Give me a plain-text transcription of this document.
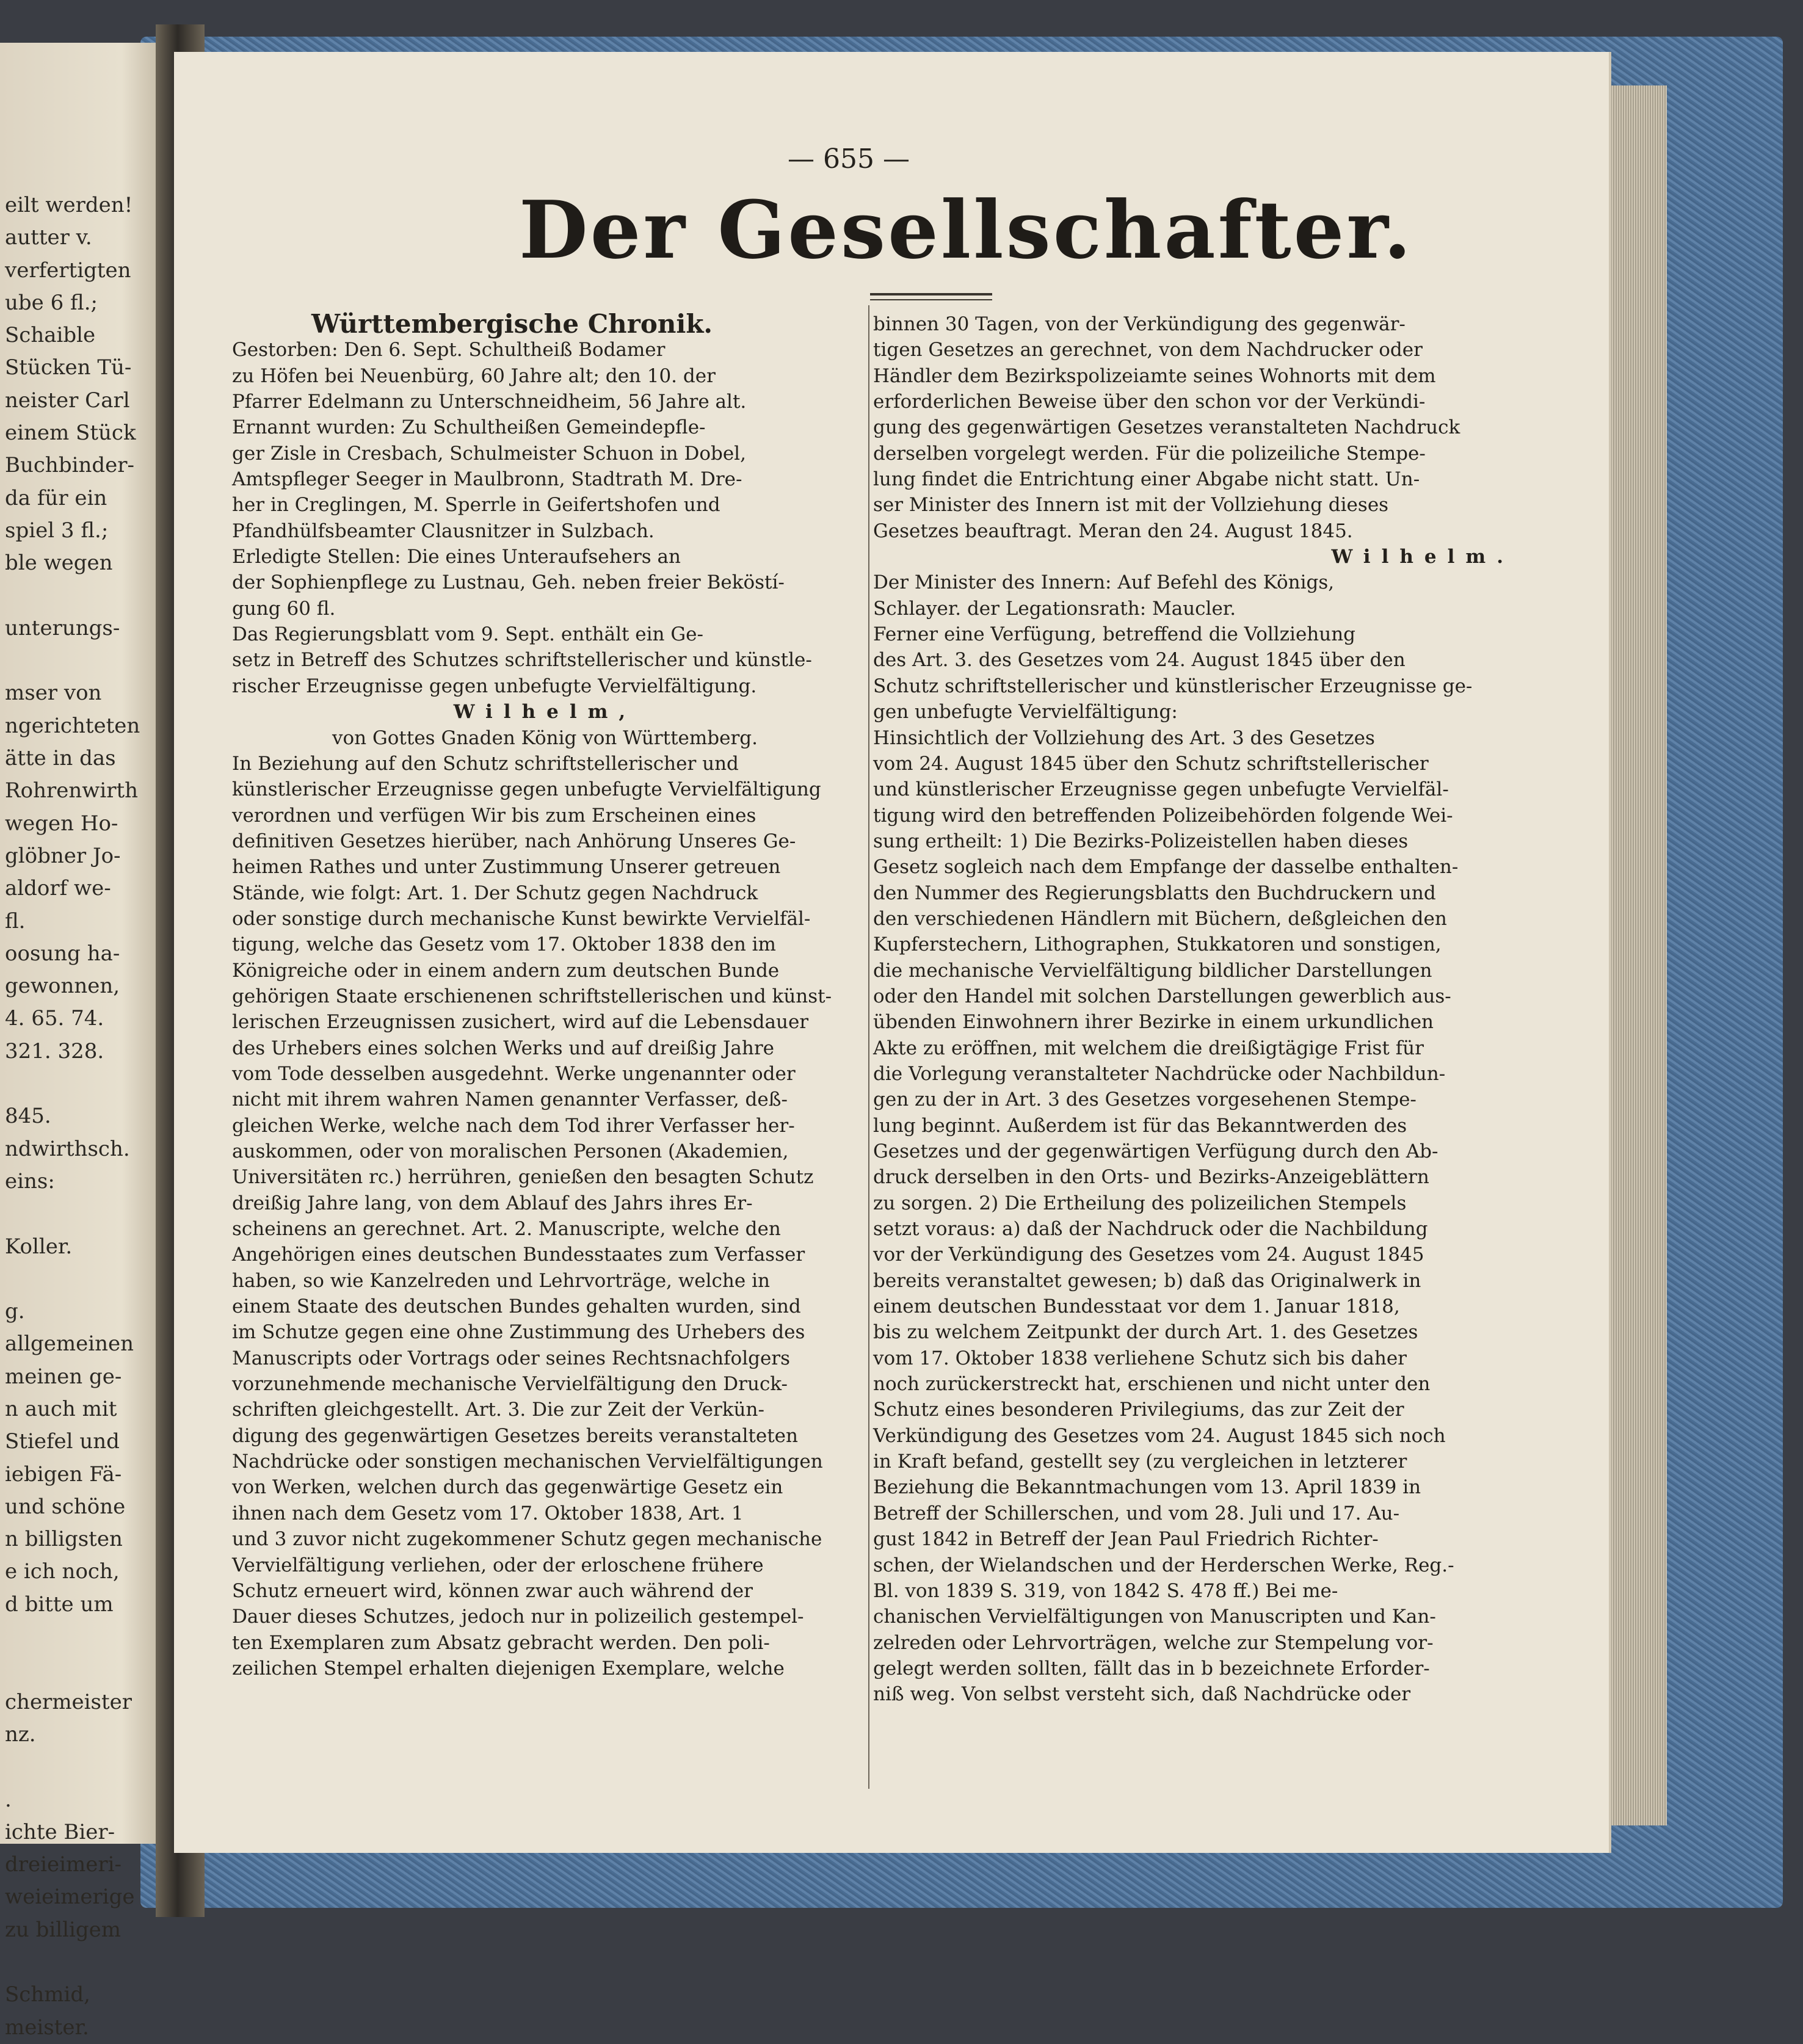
eilt werden!
autter v.
verfertigten
ube 6 fl.;
Schaible
Stücken Tü-
neister Carl
einem Stück
Buchbinder-
da für ein
spiel 3 fl.;
ble wegen
unterungs-
mser von
ngerichteten
ätte in das
Rohrenwirth
wegen Ho-
glöbner Jo-
aldorf we-
fl.
oosung ha-
gewonnen,
4. 65. 74.
321. 328.
845.
ndwirthsch.
eins:
Koller.
g.
allgemeinen
meinen ge-
n auch mit
Stiefel und
iebigen Fä-
und schöne
n billigsten
e ich noch,
d bitte um
chermeister
nz.
.
ichte Bier-
dreieimeri-
weieimerige
zu billigem
Schmid,
meister.
— 655 —
Der Gesellschafter.
Württembergische Chronik.
Gestorben: Den 6. Sept. Schultheiß Bodamer
zu Höfen bei Neuenbürg, 60 Jahre alt; den 10. der
Pfarrer Edelmann zu Unterschneidheim, 56 Jahre alt.
Ernannt wurden: Zu Schultheißen Gemeindepfle-
ger Zisle in Cresbach, Schulmeister Schuon in Dobel,
Amtspfleger Seeger in Maulbronn, Stadtrath M. Dre-
her in Creglingen, M. Sperrle in Geifertshofen und
Pfandhülfsbeamter Clausnitzer in Sulzbach.
Erledigte Stellen: Die eines Unteraufsehers an
der Sophienpflege zu Lustnau, Geh. neben freier Beköstí-
gung 60 fl.
Das Regierungsblatt vom 9. Sept. enthält ein Ge-
setz in Betreff des Schutzes schriftstellerischer und künstle-
rischer Erzeugnisse gegen unbefugte Vervielfältigung.
Wilhelm,
von Gottes Gnaden König von Württemberg.
In Beziehung auf den Schutz schriftstellerischer und
künstlerischer Erzeugnisse gegen unbefugte Vervielfältigung
verordnen und verfügen Wir bis zum Erscheinen eines
definitiven Gesetzes hierüber, nach Anhörung Unseres Ge-
heimen Rathes und unter Zustimmung Unserer getreuen
Stände, wie folgt: Art. 1. Der Schutz gegen Nachdruck
oder sonstige durch mechanische Kunst bewirkte Vervielfäl-
tigung, welche das Gesetz vom 17. Oktober 1838 den im
Königreiche oder in einem andern zum deutschen Bunde
gehörigen Staate erschienenen schriftstellerischen und künst-
lerischen Erzeugnissen zusichert, wird auf die Lebensdauer
des Urhebers eines solchen Werks und auf dreißig Jahre
vom Tode desselben ausgedehnt. Werke ungenannter oder
nicht mit ihrem wahren Namen genannter Verfasser, deß-
gleichen Werke, welche nach dem Tod ihrer Verfasser her-
auskommen, oder von moralischen Personen (Akademien,
Universitäten rc.) herrühren, genießen den besagten Schutz
dreißig Jahre lang, von dem Ablauf des Jahrs ihres Er-
scheinens an gerechnet. Art. 2. Manuscripte, welche den
Angehörigen eines deutschen Bundesstaates zum Verfasser
haben, so wie Kanzelreden und Lehrvorträge, welche in
einem Staate des deutschen Bundes gehalten wurden, sind
im Schutze gegen eine ohne Zustimmung des Urhebers des
Manuscripts oder Vortrags oder seines Rechtsnachfolgers
vorzunehmende mechanische Vervielfältigung den Druck-
schriften gleichgestellt. Art. 3. Die zur Zeit der Verkün-
digung des gegenwärtigen Gesetzes bereits veranstalteten
Nachdrücke oder sonstigen mechanischen Vervielfältigungen
von Werken, welchen durch das gegenwärtige Gesetz ein
ihnen nach dem Gesetz vom 17. Oktober 1838, Art. 1
und 3 zuvor nicht zugekommener Schutz gegen mechanische
Vervielfältigung verliehen, oder der erloschene frühere
Schutz erneuert wird, können zwar auch während der
Dauer dieses Schutzes, jedoch nur in polizeilich gestempel-
ten Exemplaren zum Absatz gebracht werden. Den poli-
zeilichen Stempel erhalten diejenigen Exemplare, welche
binnen 30 Tagen, von der Verkündigung des gegenwär-
tigen Gesetzes an gerechnet, von dem Nachdrucker oder
Händler dem Bezirkspolizeiamte seines Wohnorts mit dem
erforderlichen Beweise über den schon vor der Verkündi-
gung des gegenwärtigen Gesetzes veranstalteten Nachdruck
derselben vorgelegt werden. Für die polizeiliche Stempe-
lung findet die Entrichtung einer Abgabe nicht statt. Un-
ser Minister des Innern ist mit der Vollziehung dieses
Gesetzes beauftragt. Meran den 24. August 1845.
Wilhelm.
Der Minister des Innern: Auf Befehl des Königs,
Schlayer. der Legationsrath: Maucler.
Ferner eine Verfügung, betreffend die Vollziehung
des Art. 3. des Gesetzes vom 24. August 1845 über den
Schutz schriftstellerischer und künstlerischer Erzeugnisse ge-
gen unbefugte Vervielfältigung:
Hinsichtlich der Vollziehung des Art. 3 des Gesetzes
vom 24. August 1845 über den Schutz schriftstellerischer
und künstlerischer Erzeugnisse gegen unbefugte Vervielfäl-
tigung wird den betreffenden Polizeibehörden folgende Wei-
sung ertheilt: 1) Die Bezirks-Polizeistellen haben dieses
Gesetz sogleich nach dem Empfange der dasselbe enthalten-
den Nummer des Regierungsblatts den Buchdruckern und
den verschiedenen Händlern mit Büchern, deßgleichen den
Kupferstechern, Lithographen, Stukkatoren und sonstigen,
die mechanische Vervielfältigung bildlicher Darstellungen
oder den Handel mit solchen Darstellungen gewerblich aus-
übenden Einwohnern ihrer Bezirke in einem urkundlichen
Akte zu eröffnen, mit welchem die dreißigtägige Frist für
die Vorlegung veranstalteter Nachdrücke oder Nachbildun-
gen zu der in Art. 3 des Gesetzes vorgesehenen Stempe-
lung beginnt. Außerdem ist für das Bekanntwerden des
Gesetzes und der gegenwärtigen Verfügung durch den Ab-
druck derselben in den Orts- und Bezirks-Anzeigeblättern
zu sorgen. 2) Die Ertheilung des polizeilichen Stempels
setzt voraus: a) daß der Nachdruck oder die Nachbildung
vor der Verkündigung des Gesetzes vom 24. August 1845
bereits veranstaltet gewesen; b) daß das Originalwerk in
einem deutschen Bundesstaat vor dem 1. Januar 1818,
bis zu welchem Zeitpunkt der durch Art. 1. des Gesetzes
vom 17. Oktober 1838 verliehene Schutz sich bis daher
noch zurückerstreckt hat, erschienen und nicht unter den
Schutz eines besonderen Privilegiums, das zur Zeit der
Verkündigung des Gesetzes vom 24. August 1845 sich noch
in Kraft befand, gestellt sey (zu vergleichen in letzterer
Beziehung die Bekanntmachungen vom 13. April 1839 in
Betreff der Schillerschen, und vom 28. Juli und 17. Au-
gust 1842 in Betreff der Jean Paul Friedrich Richter-
schen, der Wielandschen und der Herderschen Werke, Reg.-
Bl. von 1839 S. 319, von 1842 S. 478 ff.) Bei me-
chanischen Vervielfältigungen von Manuscripten und Kan-
zelreden oder Lehrvorträgen, welche zur Stempelung vor-
gelegt werden sollten, fällt das in b bezeichnete Erforder-
niß weg. Von selbst versteht sich, daß Nachdrücke oder
